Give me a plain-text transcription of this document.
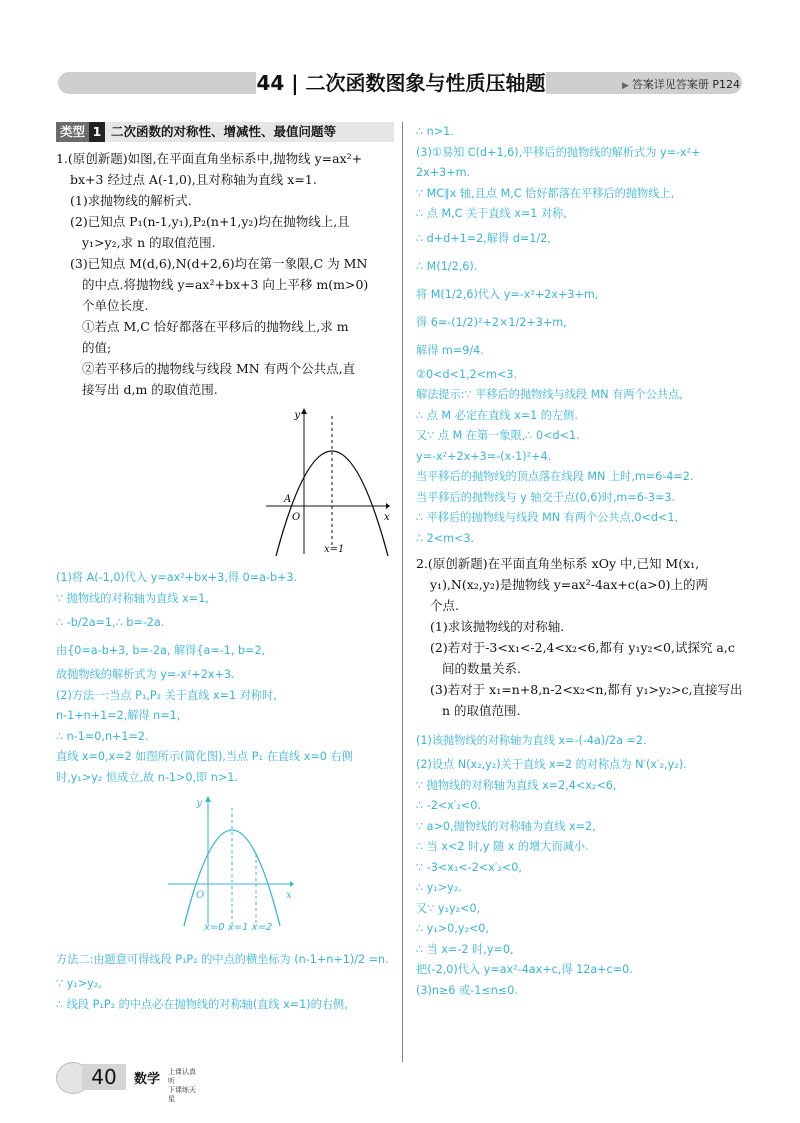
44 | 二次函数图象与性质压轴题	▶ 答案详见答案册 P124
类型 1 二次函数的对称性、增减性、最值问题等

1.(原创新题)如图,在平面直角坐标系中,抛物线 y=ax²+

bx+3 经过点 A(-1,0),且对称轴为直线 x=1.

(1)求抛物线的解析式.

(2)已知点 P₁(n-1,y₁),P₂(n+1,y₂)均在抛物线上,且

y₁>y₂,求 n 的取值范围.

(3)已知点 M(d,6),N(d+2,6)均在第一象限,C 为 MN

的中点.将抛物线 y=ax²+bx+3 向上平移 m(m>0)

个单位长度.

①若点 M,C 恰好都落在平移后的抛物线上,求 m

的值;

②若平移后的抛物线与线段 MN 有两个公共点,直

接写出 d,m 的取值范围.

y
x
A
O
x=1

(1)将 A(-1,0)代入 y=ax²+bx+3,得 0=a-b+3.

∵ 抛物线的对称轴为直线 x=1,

∴ -b/2a=1,∴ b=-2a.

由{0=a-b+3, b=-2a, 解得{a=-1, b=2,

故抛物线的解析式为 y=-x²+2x+3.

(2)方法一:当点 P₁,P₂ 关于直线 x=1 对称时,

n-1+n+1=2,解得 n=1,

∴ n-1=0,n+1=2.

直线 x=0,x=2 如图所示(简化图),当点 P₁ 在直线 x=0 右侧

时,y₁>y₂ 恒成立,故 n-1>0,即 n>1.

y
x
O
x=0 x=1 x=2

方法二:由题意可得线段 P₁P₂ 的中点的横坐标为 (n-1+n+1)/2 =n.

∵ y₁>y₂,

∴ 线段 P₁P₂ 的中点必在抛物线的对称轴(直线 x=1)的右侧,

∴ n>1.

(3)①易知 C(d+1,6),平移后的抛物线的解析式为 y=-x²+

2x+3+m.

∵ MC∥x 轴,且点 M,C 恰好都落在平移后的抛物线上,

∴ 点 M,C 关于直线 x=1 对称,

∴ d+d+1=2,解得 d=1/2,

∴ M(1/2,6).

将 M(1/2,6)代入 y=-x²+2x+3+m,

得 6=-(1/2)²+2×1/2+3+m,

解得 m=9/4.

②0<d<1,2<m<3.

解法提示:∵ 平移后的抛物线与线段 MN 有两个公共点,

∴ 点 M 必定在直线 x=1 的左侧.

又∵ 点 M 在第一象限,∴ 0<d<1.

y=-x²+2x+3=-(x-1)²+4.

当平移后的抛物线的顶点落在线段 MN 上时,m=6-4=2.

当平移后的抛物线与 y 轴交于点(0,6)时,m=6-3=3.

∴ 平移后的抛物线与线段 MN 有两个公共点,0<d<1,

∴ 2<m<3.

2.(原创新题)在平面直角坐标系 xOy 中,已知 M(x₁,

y₁),N(x₂,y₂)是抛物线 y=ax²-4ax+c(a>0)上的两

个点.

(1)求该抛物线的对称轴.

(2)若对于-3<x₁<-2,4<x₂<6,都有 y₁y₂<0,试探究 a,c

间的数量关系.

(3)若对于 x₁=n+8,n-2<x₂<n,都有 y₁>y₂>c,直接写出

n 的取值范围.

(1)该抛物线的对称轴为直线 x=-(-4a)/2a =2.

(2)设点 N(x₂,y₂)关于直线 x=2 的对称点为 N′(x′₂,y₂).

∵ 抛物线的对称轴为直线 x=2,4<x₂<6,

∴ -2<x′₂<0.

∵ a>0,抛物线的对称轴为直线 x=2,

∴ 当 x<2 时,y 随 x 的增大而减小.

∵ -3<x₁<-2<x′₂<0,

∴ y₁>y₂.

又∵ y₁y₂<0,

∴ y₁>0,y₂<0,

∴ 当 x=-2 时,y=0,

把(-2,0)代入 y=ax²-4ax+c,得 12a+c=0.

(3)n≥6 或-1≤n≤0.

40	数学 上课认真听
下课练天星
